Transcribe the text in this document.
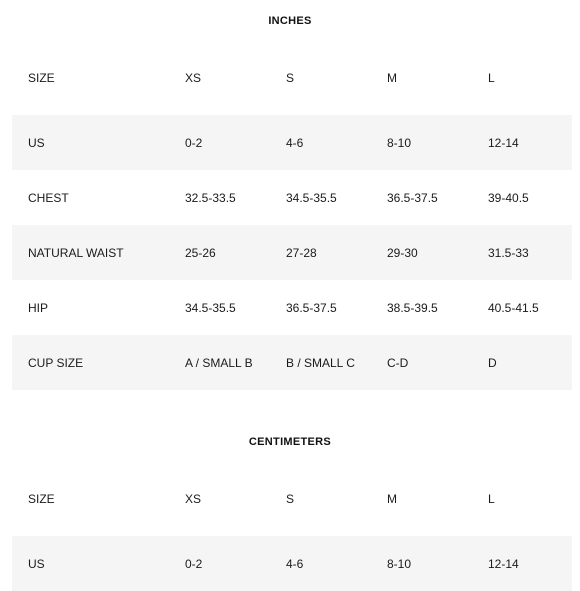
INCHES
SIZE	XS	S	M	L
US	0-2	4-6	8-10	12-14
CHEST	32.5-33.5	34.5-35.5	36.5-37.5	39-40.5
NATURAL WAIST	25-26	27-28	29-30	31.5-33
HIP	34.5-35.5	36.5-37.5	38.5-39.5	40.5-41.5
CUP SIZE	A / SMALL B	B / SMALL C	C-D	D
CENTIMETERS
SIZE	XS	S	M	L
US	0-2	4-6	8-10	12-14
